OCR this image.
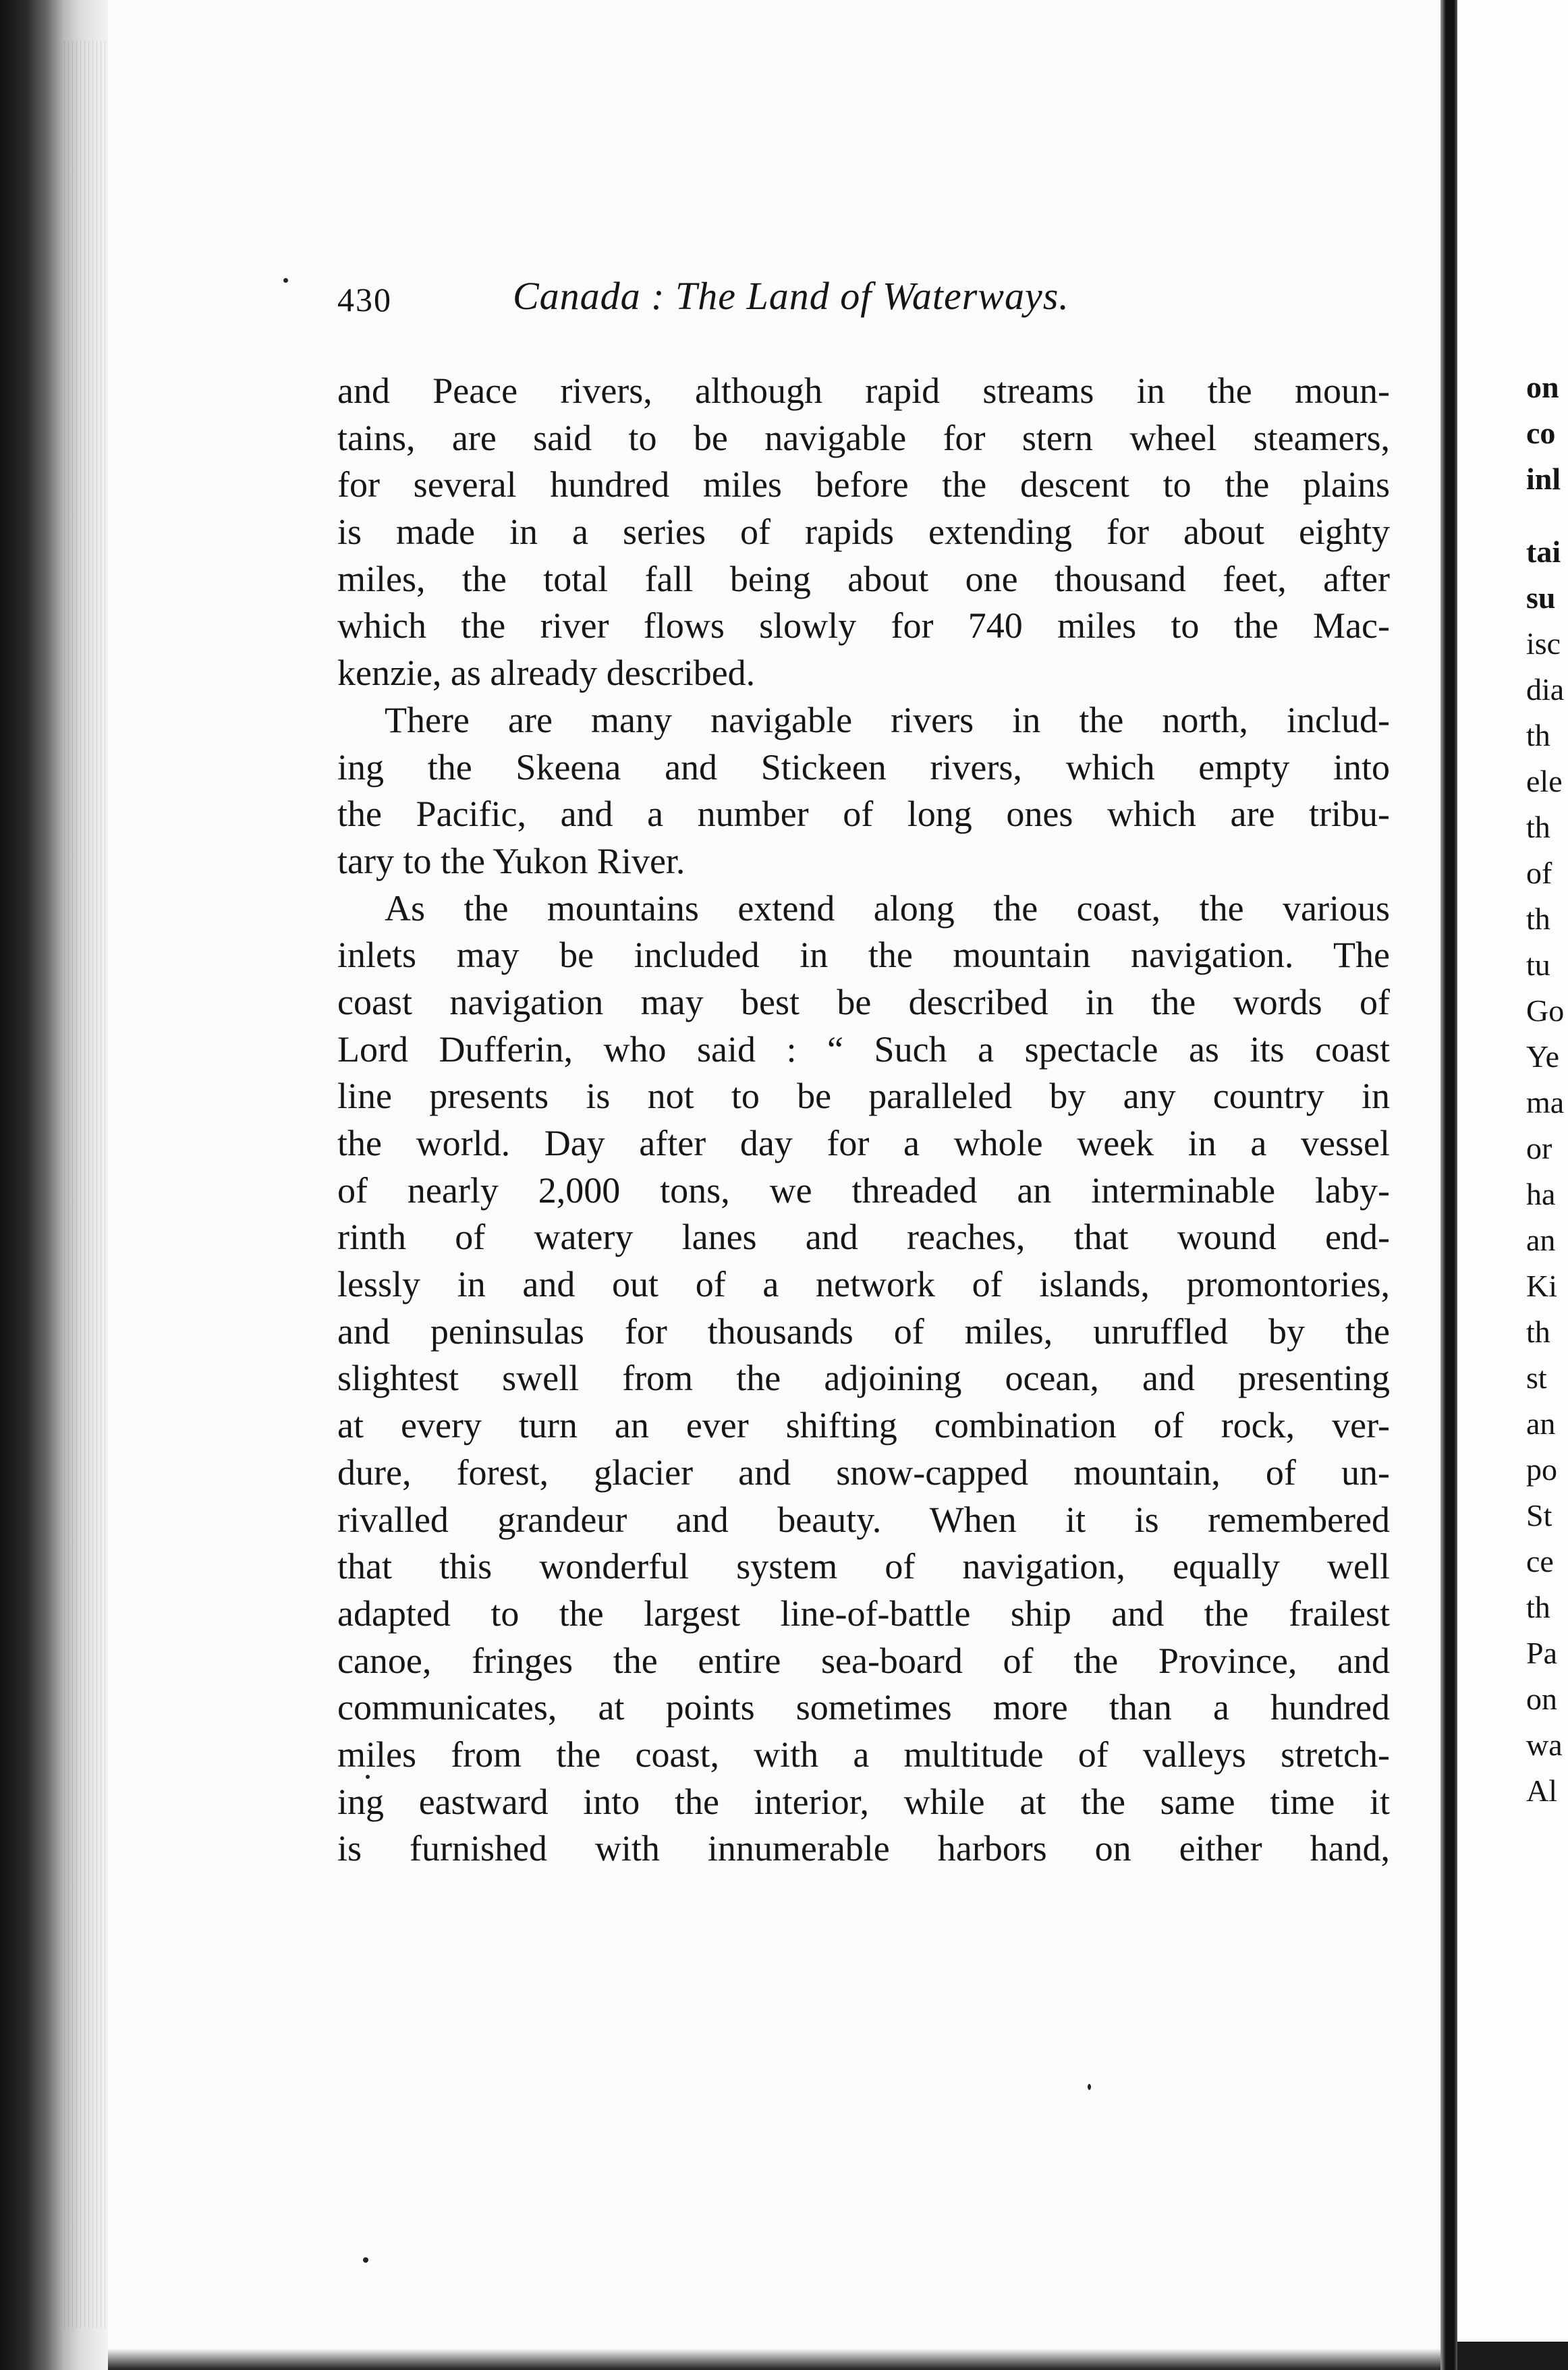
430	Canada : The Land of Waterways.
and Peace rivers, although rapid streams in the moun-
tains, are said to be navigable for stern wheel steamers,
for several hundred miles before the descent to the plains
is made in a series of rapids extending for about eighty
miles, the total fall being about one thousand feet, after
which the river flows slowly for 740 miles to the Mac-
kenzie, as already described.
There are many navigable rivers in the north, includ-
ing the Skeena and Stickeen rivers, which empty into
the Pacific, and a number of long ones which are tribu-
tary to the Yukon River.
As the mountains extend along the coast, the various
inlets may be included in the mountain navigation. The
coast navigation may best be described in the words of
Lord Dufferin, who said : “ Such a spectacle as its coast
line presents is not to be paralleled by any country in
the world. Day after day for a whole week in a vessel
of nearly 2,000 tons, we threaded an interminable laby-
rinth of watery lanes and reaches, that wound end-
lessly in and out of a network of islands, promontories,
and peninsulas for thousands of miles, unruffled by the
slightest swell from the adjoining ocean, and presenting
at every turn an ever shifting combination of rock, ver-
dure, forest, glacier and snow-capped mountain, of un-
rivalled grandeur and beauty. When it is remembered
that this wonderful system of navigation, equally well
adapted to the largest line-of-battle ship and the frailest
canoe, fringes the entire sea-board of the Province, and
communicates, at points sometimes more than a hundred
miles from the coast, with a multitude of valleys stretch-
ing eastward into the interior, while at the same time it
is furnished with innumerable harbors on either hand,
on
co
inl
tai
su
isc
dia
th
ele
th
of
th
tu
Go
Ye
ma
or
ha
an
Ki
th
st
an
po
St
ce
th
Pa
on
wa
Al
